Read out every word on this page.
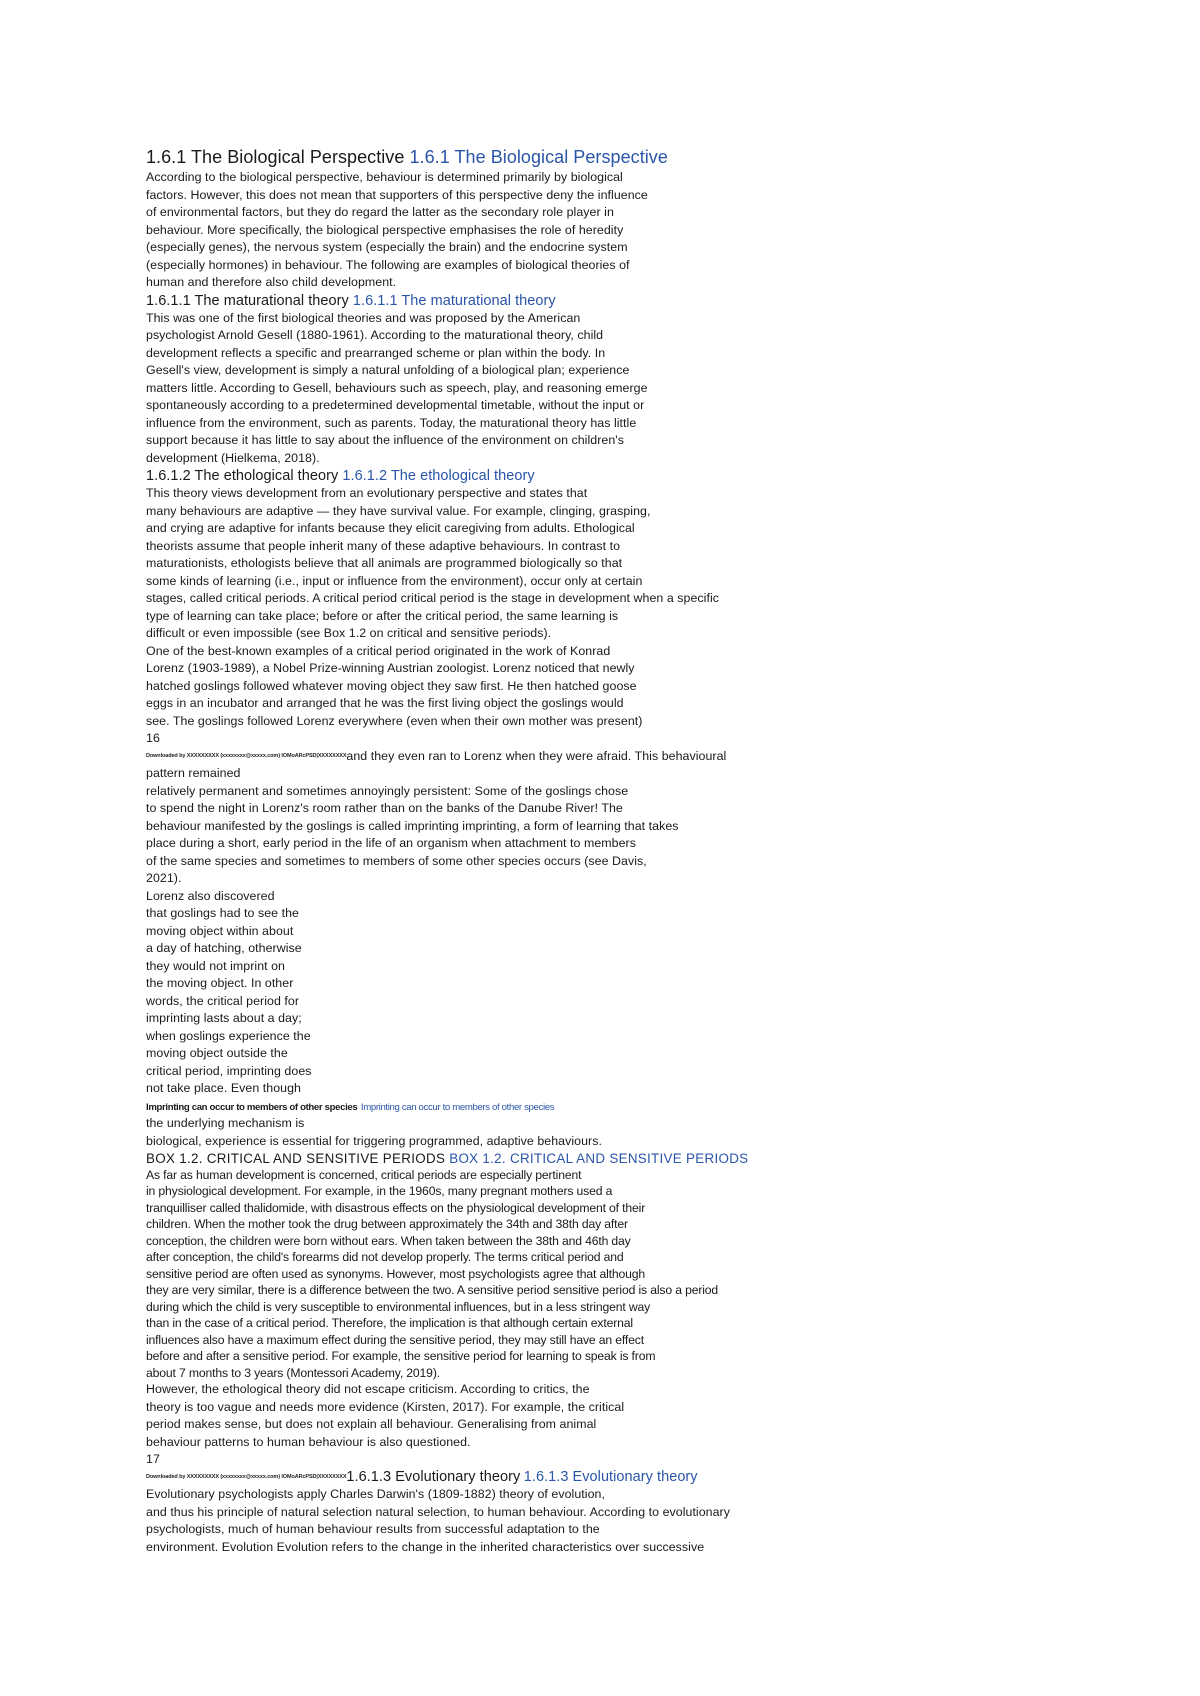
1.6.1 The Biological Perspective 1.6.1 The Biological Perspective
According to the biological perspective, behaviour is determined primarily by biological
factors. However, this does not mean that supporters of this perspective deny the influence
of environmental factors, but they do regard the latter as the secondary role player in
behaviour. More specifically, the biological perspective emphasises the role of heredity
(especially genes), the nervous system (especially the brain) and the endocrine system
(especially hormones) in behaviour. The following are examples of biological theories of
human and therefore also child development.
1.6.1.1 The maturational theory 1.6.1.1 The maturational theory
This was one of the first biological theories and was proposed by the American
psychologist Arnold Gesell (1880-1961). According to the maturational theory, child
development reflects a specific and prearranged scheme or plan within the body. In
Gesell's view, development is simply a natural unfolding of a biological plan; experience
matters little. According to Gesell, behaviours such as speech, play, and reasoning emerge
spontaneously according to a predetermined developmental timetable, without the input or
influence from the environment, such as parents. Today, the maturational theory has little
support because it has little to say about the influence of the environment on children's
development (Hielkema, 2018).
1.6.1.2 The ethological theory 1.6.1.2 The ethological theory
This theory views development from an evolutionary perspective and states that
many behaviours are adaptive — they have survival value. For example, clinging, grasping,
and crying are adaptive for infants because they elicit caregiving from adults. Ethological
theorists assume that people inherit many of these adaptive behaviours. In contrast to
maturationists, ethologists believe that all animals are programmed biologically so that
some kinds of learning (i.e., input or influence from the environment), occur only at certain
stages, called critical periods. A critical period critical period is the stage in development when a specific
type of learning can take place; before or after the critical period, the same learning is
difficult or even impossible (see Box 1.2 on critical and sensitive periods).
One of the best-known examples of a critical period originated in the work of Konrad
Lorenz (1903-1989), a Nobel Prize-winning Austrian zoologist. Lorenz noticed that newly
hatched goslings followed whatever moving object they saw first. He then hatched goose
eggs in an incubator and arranged that he was the first living object the goslings would
see. The goslings followed Lorenz everywhere (even when their own mother was present)
16
Downloaded by XXXXXXXXX (xxxxxxxx@xxxxx.com) lOMoARcPSD|XXXXXXXXand they even ran to Lorenz when they were afraid. This behavioural
pattern remained
relatively permanent and sometimes annoyingly persistent: Some of the goslings chose
to spend the night in Lorenz's room rather than on the banks of the Danube River! The
behaviour manifested by the goslings is called imprinting imprinting, a form of learning that takes
place during a short, early period in the life of an organism when attachment to members
of the same species and sometimes to members of some other species occurs (see Davis,
2021).
Lorenz also discovered
that goslings had to see the
moving object within about
a day of hatching, otherwise
they would not imprint on
the moving object. In other
words, the critical period for
imprinting lasts about a day;
when goslings experience the
moving object outside the
critical period, imprinting does
not take place. Even though
Imprinting can occur to members of other species Imprinting can occur to members of other species
the underlying mechanism is
biological, experience is essential for triggering programmed, adaptive behaviours.
BOX 1.2. CRITICAL AND SENSITIVE PERIODS BOX 1.2. CRITICAL AND SENSITIVE PERIODS
As far as human development is concerned, critical periods are especially pertinent
in physiological development. For example, in the 1960s, many pregnant mothers used a
tranquilliser called thalidomide, with disastrous effects on the physiological development of their
children. When the mother took the drug between approximately the 34th and 38th day after
conception, the children were born without ears. When taken between the 38th and 46th day
after conception, the child's forearms did not develop properly. The terms critical period and
sensitive period are often used as synonyms. However, most psychologists agree that although
they are very similar, there is a difference between the two. A sensitive period sensitive period is also a period
during which the child is very susceptible to environmental influences, but in a less stringent way
than in the case of a critical period. Therefore, the implication is that although certain external
influences also have a maximum effect during the sensitive period, they may still have an effect
before and after a sensitive period. For example, the sensitive period for learning to speak is from
about 7 months to 3 years (Montessori Academy, 2019).
However, the ethological theory did not escape criticism. According to critics, the
theory is too vague and needs more evidence (Kirsten, 2017). For example, the critical
period makes sense, but does not explain all behaviour. Generalising from animal
behaviour patterns to human behaviour is also questioned.
17
Downloaded by XXXXXXXXX (xxxxxxxx@xxxxx.com) lOMoARcPSD|XXXXXXXX1.6.1.3 Evolutionary theory 1.6.1.3 Evolutionary theory
Evolutionary psychologists apply Charles Darwin's (1809-1882) theory of evolution,
and thus his principle of natural selection natural selection, to human behaviour. According to evolutionary
psychologists, much of human behaviour results from successful adaptation to the
environment. Evolution Evolution refers to the change in the inherited characteristics over successive
